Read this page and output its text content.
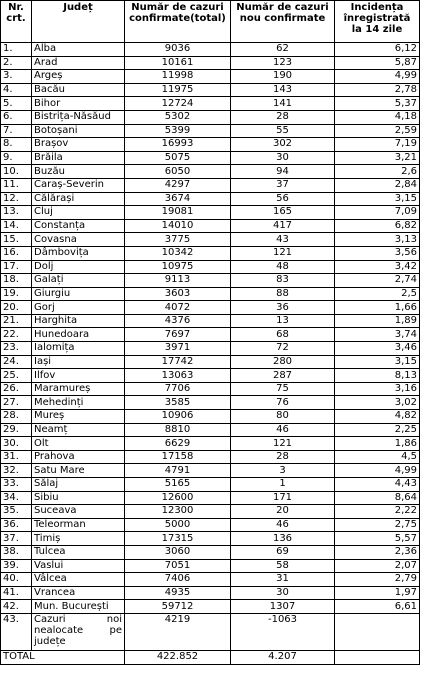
Nr. crt.	Județ	Număr de cazuri confirmate(total)	Număr de cazuri nou confirmate	Incidența înregistrată la 14 zile
1.	Alba	9036	62	6,12
2.	Arad	10161	123	5,87
3.	Argeș	11998	190	4,99
4.	Bacău	11975	143	2,78
5.	Bihor	12724	141	5,37
6.	Bistrița-Năsăud	5302	28	4,18
7.	Botoșani	5399	55	2,59
8.	Brașov	16993	302	7,19
9.	Brăila	5075	30	3,21
10.	Buzău	6050	94	2,6
11.	Caraș-Severin	4297	37	2,84
12.	Călărași	3674	56	3,15
13.	Cluj	19081	165	7,09
14.	Constanța	14010	417	6,82
15.	Covasna	3775	43	3,13
16.	Dâmbovița	10342	121	3,56
17.	Dolj	10975	48	3,42
18.	Galați	9113	83	2,74
19.	Giurgiu	3603	88	2,5
20.	Gorj	4072	36	1,66
21.	Harghita	4376	13	1,89
22.	Hunedoara	7697	68	3,74
23.	Ialomița	3971	72	3,46
24.	Iași	17742	280	3,15
25.	Ilfov	13063	287	8,13
26.	Maramureș	7706	75	3,16
27.	Mehedinți	3585	76	3,02
28.	Mureș	10906	80	4,82
29.	Neamț	8810	46	2,25
30.	Olt	6629	121	1,86
31.	Prahova	17158	28	4,5
32.	Satu Mare	4791	3	4,99
33.	Sălaj	5165	1	4,43
34.	Sibiu	12600	171	8,64
35.	Suceava	12300	20	2,22
36.	Teleorman	5000	46	2,75
37.	Timiș	17315	136	5,57
38.	Tulcea	3060	69	2,36
39.	Vaslui	7051	58	2,07
40.	Vâlcea	7406	31	2,79
41.	Vrancea	4935	30	1,97
42.	Mun. București	59712	1307	6,61
43.	Cazuri noi nealocate pe județe	4219	-1063	
TOTAL		422.852	4.207	
